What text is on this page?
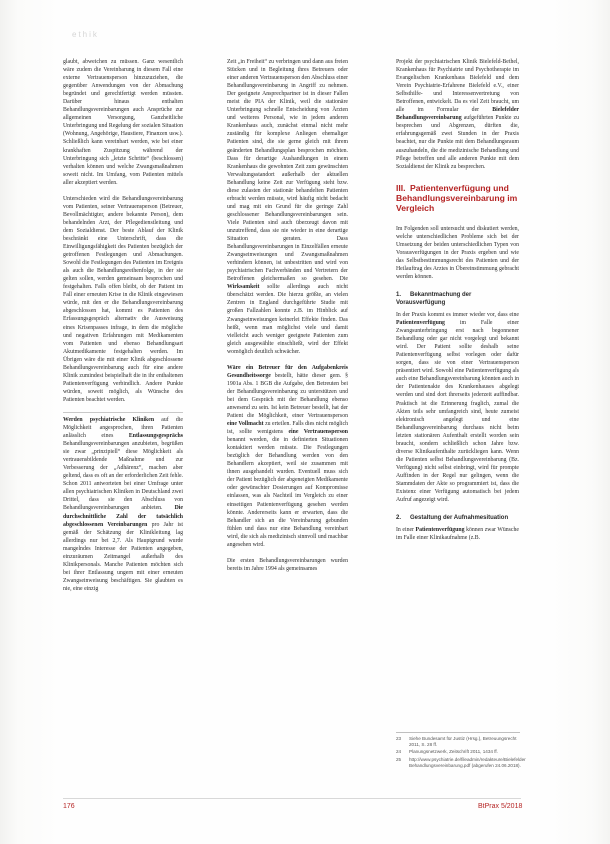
ethik

glaubt, abweichen zu müssen. Ganz wesentlich wäre zudem die Vereinbarung in diesem Fall eine externe Vertrauensperson hinzuzuziehen, die gegenüber Anwendungen von der Abmachung begründet und gerechtfertigt werden müssten. Darüber hinaus enthalten Behandlungsvereinbarungen auch Ansprüche zur allgemeinen Versorgung, Ganzheitliche Unterbringung und Regelung der sozialen Situation (Wohnung, Angehörige, Haustiere, Finanzen usw.). Schließlich kann vereinbart werden, wie bei einer krankhaften Zuspitzung während der Unterbringung sich „letzte Schritte“ (beschlossen) verhalten können und welche Zwangsmaßnahmen soweit nicht. Im Umfang, vom Patienten mittels aller akzeptiert werden.

Unterschieden wird die Behandlungsvereinbarung vom Patienten, seiner Vertrauensperson (Betreuer, Bevollmächtigter, andere bekannte Person), dem behandelnden Arzt, der Pflegedienstleitung und dem Sozialdienst. Der beste Ablauf der Klinik beschränkt eine Unterschrift, dass die Einwilligungsfähigkeit des Patienten bezüglich der getroffenen Festlegungen und Abmachungen. Sowohl die Festlegungen des Patienten im Ereignis als auch die Behandlungsreihenfolge, in der sie gelten sollen, werden gemeinsam besprochen und festgehalten. Falls offen bleibt, ob der Patient im Fall einer erneuten Krise in die Klinik eingewiesen würde, mit den er die Behandlungsvereinbarung abgeschlossen hat, kommt es Patienten des Erfassungsgespräch alternativ die Ausweisung eines Krisenpasses infrage, in dem die mögliche und negativen Erfahrungen mit Medikamenten vom Patienten und ebenso Behandlungsart Akutmedikamente festgehalten werden. Im Übrigen wäre die mit einer Klinik abgeschlossene Behandlungsvereinbarung auch für eine andere Klinik zumindest beispielhaft die in ihr enthaltenen Patientenverfügung verbindlich. Andere Punkte würden, soweit möglich, als Wünsche des Patienten beachtet werden.

Werden psychiatrische Kliniken auf die Möglichkeit angesprochen, ihren Patienten anlässlich eines Entlassungsgesprächs Behandlungsvereinbarungen anzubieten, begrüßen sie zwar „prinzipiell“ diese Möglichkeit als vertrauensbildende Maßnahme und zur Verbesserung der „Adhärenz“, machen aber geltend, dass es oft an der erforderlichen Zeit fehle. Schon 2011 antworteten bei einer Umfrage unter allen psychiatrischen Kliniken in Deutschland zwei Drittel, dass sie den Abschluss von Behandlungsvereinbarungen anbieten. Die durchschnittliche Zahl der tatsächlich abgeschlossenen Vereinbarungen pro Jahr ist gemäß der Schätzung der Klinikleitung lag allerdings nur bei 2,7. Als Hauptgrund wurde mangelndes Interesse der Patienten angegeben, einzuräumen Zeitmangel außerhalb des Klinikpersonals. Manche Patienten möchten sich bei ihrer Entlassung ungern mit einer erneuten Zwangseinweisung beschäftigen. Sie glaubten es nie, eine einzig

Zeit „in Freiheit“ zu verbringen und dann aus freien Stücken und in Begleitung ihres Betreuers oder einer anderen Vertrauensperson den Abschluss einer Behandlungsvereinbarung in Angriff zu nehmen. Der geeignete Ansprechpartner ist in dieser Fallen meist die PIA der Klinik, weil die stationäre Unterbringung schnelle Entscheidung von Ärzten und weiteres Personal, wie in jedem anderen Krankenhaus auch, zunächst einmal nicht mehr zuständig für komplexe Anliegen ehemaliger Patienten sind, die sie gerne gleich mit ihrem geänderten Behandlungsplan besprochen möchten. Dass für derartige Aushandlungen in einem Krankenhaus die gewohnten Zeit zum gewünschten Verwaltungsstandort außerhalb der aktuellen Behandlung keine Zeit zur Verfügung steht bzw. diese zulasten der stationär behandelten Patienten erbracht werden müsste, wird häufig nicht bedacht und mag mit ein Grund für die geringe Zahl geschlossener Behandlungsvereinbarungen sein. Viele Patienten sind auch überzeugt davon mit unzutreffend, dass sie nie wieder in eine derartige Situation geraten. Dass Behandlungsvereinbarungen in Einzelfällen erneute Zwangseinweisungen und Zwangsmaßnahmen verhindern können, ist unbestritten und wird von psychiatrischen Fachverbänden und Vertretern der Betroffenen gleichermaßen so gesehen. Die Wirksamkeit sollte allerdings auch nicht überschätzt werden. Die hierzu größte, an vielen Zentren in England durchgeführte Studie mit großen Fallzahlen konnte z.B. im Hinblick auf Zwangseinweisungen keinerlei Effekte finden. Das heißt, wenn man möglichst viele und damit vielleicht auch weniger geeignete Patienten zum gleich ausgewählte einschließt, wird der Effekt womöglich deutlich schwächer.

Wäre ein Betreuer für den Aufgabenkreis Gesundheitssorge bestellt, hätte dieser gem. § 1901a Abs. 1 BGB die Aufgabe, den Betreuten bei der Behandlungsvereinbarung zu unterstützen und bei dem Gespräch mit der Behandlung ebenso anwesend zu sein. Ist kein Betreuer bestellt, hat der Patient die Möglichkeit, einer Vertrauensperson eine Vollmacht zu erteilen. Falls dies nicht möglich ist, sollte wenigstens eine Vertrauensperson benannt werden, die in definierten Situationen kontaktiert werden müsste. Die Festlegungen bezüglich der Behandlung werden von den Behandlern akzeptiert, weil sie zusammen mit ihnen ausgehandelt wurden. Eventuell muss sich der Patient bezüglich der abgeneigten Medikamente oder gewünschter Dosierungen auf Kompromisse einlassen, was als Nachteil im Vergleich zu einer einseitigen Patientenverfügung gesehen werden könnte. Andererseits kann er erwarten, dass die Behandler sich an die Vereinbarung gebunden fühlen und dass nur eine Behandlung vereinbart wird, die sich als medizinisch sinnvoll und machbar angesehen wird.

Die ersten Behandlungsvereinbarungen wurden bereits im Jahre 1994 als gemeinsames

Projekt der psychiatrischen Klinik Bielefeld-Bethel, Krankenhaus für Psychiatrie und Psychotherapie im Evangelischen Krankenhaus Bielefeld und dem Verein Psychiatrie-Erfahrene Bielefeld e.V., einer Selbsthilfe- und Interessenvertretung von Betroffenen, entwickelt. Da es viel Zeit braucht, um alle im Formular der Bielefelder Behandlungsvereinbarung aufgeführten Punkte zu besprechen und Abgrenzen, dürften die, erfahrungsgemäß zwei Stunden in der Praxis beachtet, nur die Punkte mit dem Behandlungsraum auszuhandeln, die die medizinische Behandlung und Pflege betreffen und alle anderen Punkte mit dem Sozialdienst der Klinik zu besprechen.

III. Patientenverfügung und Behandlungsvereinbarung im Vergleich

Im Folgenden soll untersucht und diskutiert werden, welche unterschiedlichen Probleme sich bei der Umsetzung der beiden unterschiedlichen Typen von Vorausverfügungen in der Praxis ergeben und wie das Selbstbestimmungsrecht des Patienten und der Heilauftrag des Arztes in Übereinstimmung gebracht werden können.

1. Bekanntmachung der Vorausverfügung

In der Praxis kommt es immer wieder vor, dass eine Patientenverfügung im Falle einer Zwangsunterbringung erst nach begonnener Behandlung oder gar nicht vorgelegt und bekannt wird. Der Patient sollte deshalb seine Patientenverfügung selbst vorlegen oder dafür sorgen, dass sie von einer Vertrauensperson präsentiert wird. Sowohl eine Patientenverfügung als auch eine Behandlungsvereinbarung könnten auch in der Patientenakte des Krankenhauses abgelegt werden und sind dort ihrerseits jederzeit auffindbar. Praktisch ist die Erinnerung fraglich, zumal die Akten teils sehr umfangreich sind, heute zumeist elektronisch angelegt und eine Behandlungsvereinbarung durchaus nicht beim letzten stationären Aufenthalt erstellt worden sein braucht, sondern schließlich schon Jahre bzw. diverse Klinikaufenthalte zurückliegen kann. Wenn die Patienten selbst Behandlungsvereinbarung (Bz. Verfügung) nicht selbst einbringt, wird für prompte Auffinden in der Regel nur gelingen, wenn die Stammdaten der Akte so programmiert ist, dass die Existenz einer Verfügung automatisch bei jedem Aufruf angezeigt wird.

2. Gestaltung der Aufnahmesituation

In einer Patientenverfügung können zwar Wünsche im Falle einer Klinikaufnahme (z.B.

23	Siehe Bundesamt für Justiz (Hrsg.), Betreuungsrecht 2011, S. 28 ff.
24	Planungsnetzwerk, Zeitschrift 2011, 1434 ff.
25	http://www.psychiatrie.de/fileadmin/redakteure/Bielefelder Behandlungsvereinbarung.pdf (abgerufen 24.06.2018).
176	BtPrax 5/2018
